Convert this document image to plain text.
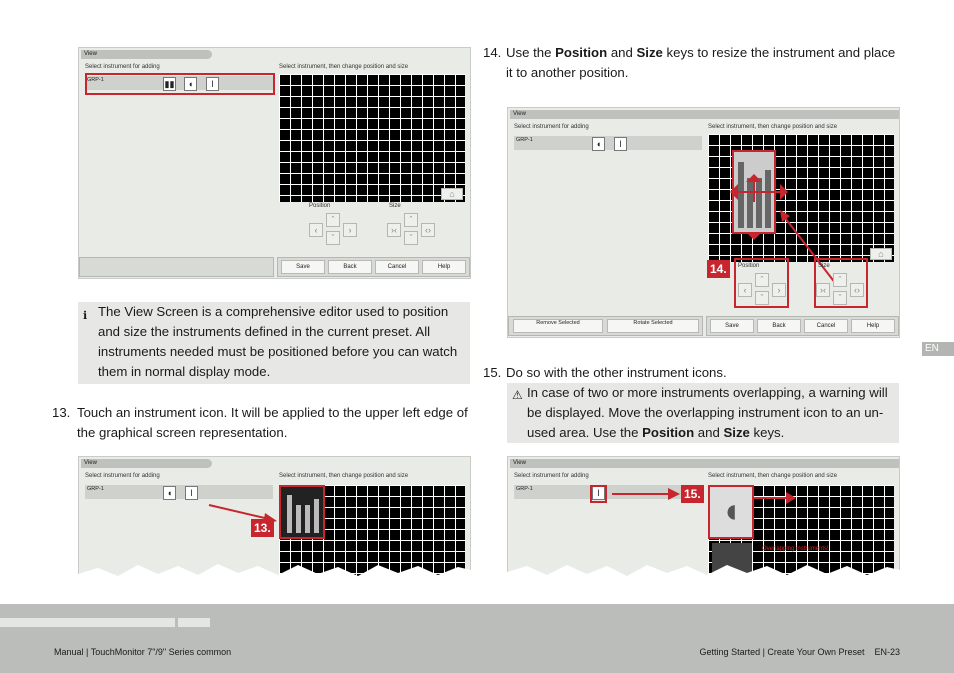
View
Select instrument for adding	Select instrument, then change position and size
GRP-1	▮▮	◖	ǀ
⌂
Position	Size
‹
ˆ
ˇ
›	›‹
ˆ
ˇ
‹›
Save	Back	Cancel	Help
ℹ The View Screen is a comprehensive editor used to position and size the instruments defined in the current preset. All instruments needed must be positioned before you can watch them in normal display mode.
13. Touch an instrument icon. It will be applied to the upper left edge of the graphical screen representation.
View
Select instrument for adding	Select instrument, then change position and size
GRP-1	◖	ǀ
13.
14. Use the Position and Size keys to resize the instrument and place it to another position.
View
Select instrument for adding	Select instrument, then change position and size
GRP-1	◖	ǀ
⌂
14.	Position	Size
‹
ˆ
ˇ
›	›‹
ˆ
ˇ
‹›
Remove Selected	Rotate Selected	Save	Back	Cancel	Help
EN
15. Do so with the other instrument icons.
⚠ In case of two or more instruments overlapping, a warning will be displayed. Move the overlapping instrument icon to an unused area. Use the Position and Size keys.
View
Select instrument for adding	Select instrument, then change position and size
GRP-1	ǀ	15. ◖
Overlapping instruments!
Manual | TouchMonitor 7"/9" Series common	Getting Started | Create Your Own Preset    EN-23
